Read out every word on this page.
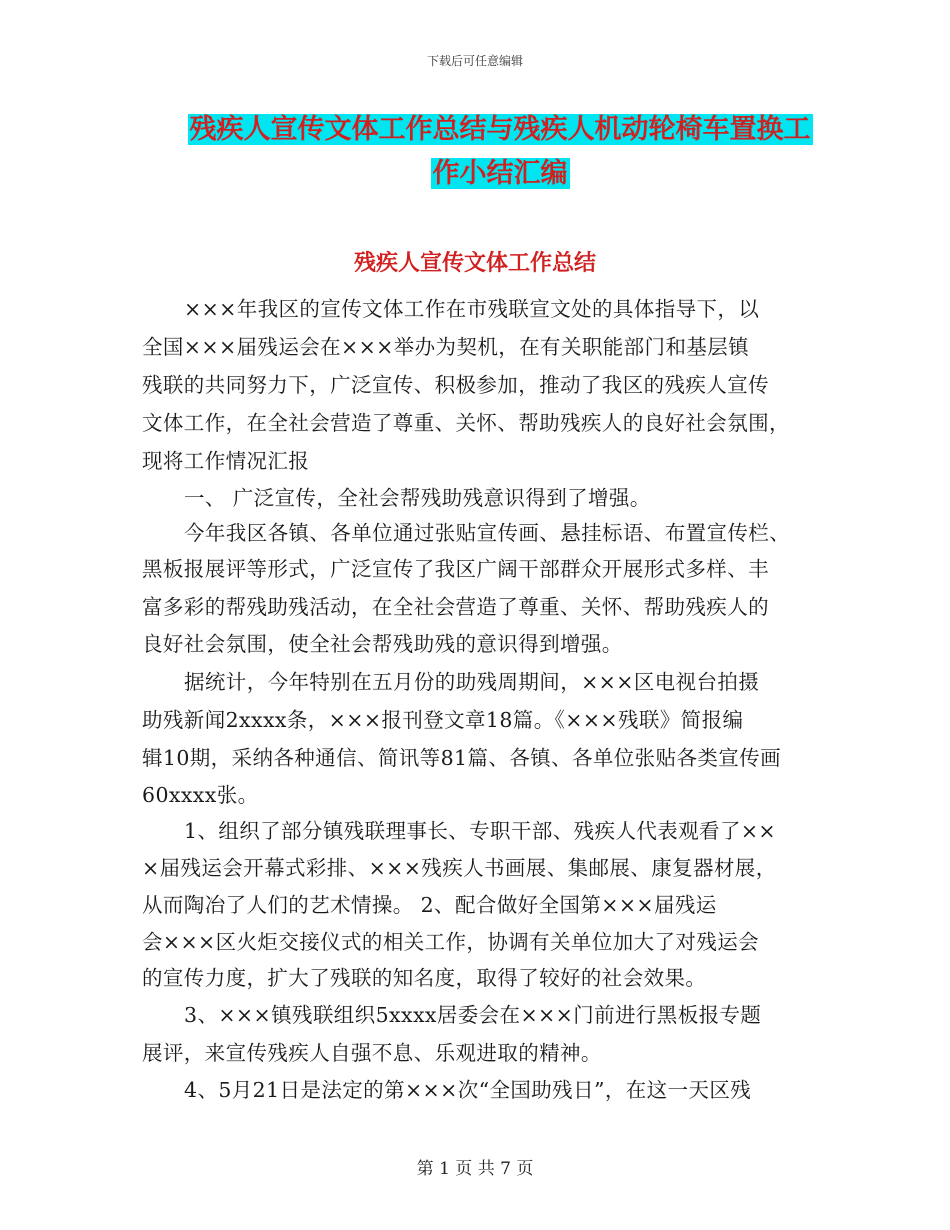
下载后可任意编辑
残疾人宣传文体工作总结与残疾人机动轮椅车置换工
作小结汇编
残疾人宣传文体工作总结
×××年我区的宣传文体工作在市残联宣文处的具体指导下，以
全国×××届残运会在×××举办为契机，在有关职能部门和基层镇
残联的共同努力下，广泛宣传、积极参加，推动了我区的残疾人宣传
文体工作，在全社会营造了尊重、关怀、帮助残疾人的良好社会氛围，
现将工作情况汇报
一、 广泛宣传，全社会帮残助残意识得到了增强。
今年我区各镇、各单位通过张贴宣传画、悬挂标语、布置宣传栏、
黑板报展评等形式，广泛宣传了我区广阔干部群众开展形式多样、丰
富多彩的帮残助残活动，在全社会营造了尊重、关怀、帮助残疾人的
良好社会氛围，使全社会帮残助残的意识得到增强。
据统计，今年特别在五月份的助残周期间，×××区电视台拍摄
助残新闻2xxxx条，×××报刊登文章18篇。《×××残联》简报编
辑10期，采纳各种通信、简讯等81篇、各镇、各单位张贴各类宣传画
60xxxx张。
1、组织了部分镇残联理事长、专职干部、残疾人代表观看了××
×届残运会开幕式彩排、×××残疾人书画展、集邮展、康复器材展，
从而陶冶了人们的艺术情操。 2、配合做好全国第×××届残运
会×××区火炬交接仪式的相关工作，协调有关单位加大了对残运会
的宣传力度，扩大了残联的知名度，取得了较好的社会效果。
3、×××镇残联组织5xxxx居委会在×××门前进行黑板报专题
展评，来宣传残疾人自强不息、乐观进取的精神。
4、5月21日是法定的第×××次“全国助残日”，在这一天区残
第 1 页 共 7 页
